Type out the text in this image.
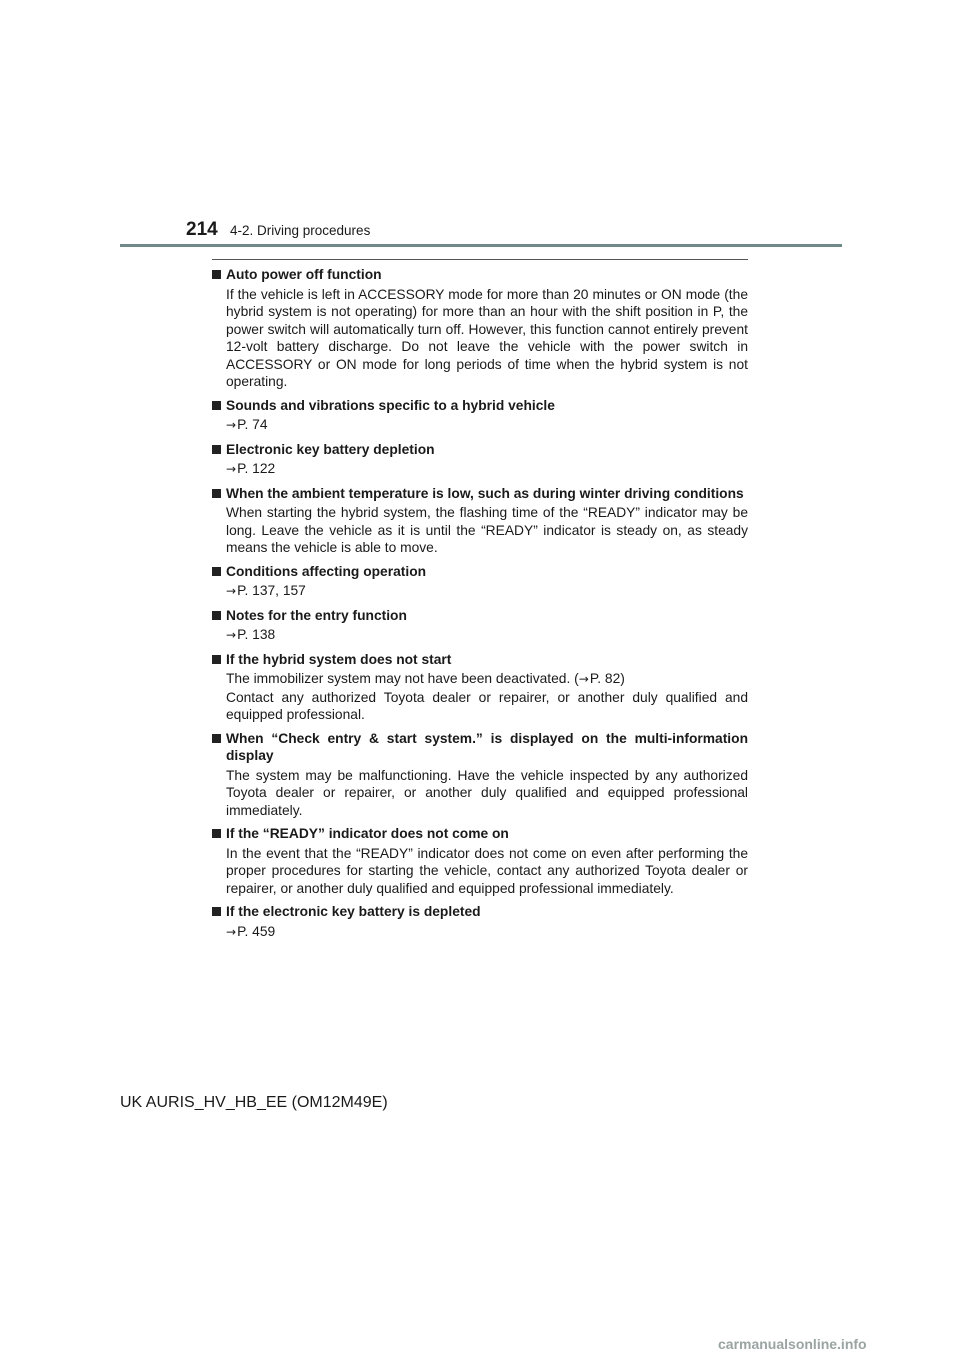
214 4-2. Driving procedures
Auto power off function
If the vehicle is left in ACCESSORY mode for more than 20 minutes or ON mode (the hybrid system is not operating) for more than an hour with the shift position in P, the power switch will automatically turn off. However, this function cannot entirely prevent 12-volt battery discharge. Do not leave the vehicle with the power switch in ACCESSORY or ON mode for long periods of time when the hybrid system is not operating.
Sounds and vibrations specific to a hybrid vehicle
→P. 74
Electronic key battery depletion
→P. 122
When the ambient temperature is low, such as during winter driving conditions
When starting the hybrid system, the flashing time of the “READY” indicator may be long. Leave the vehicle as it is until the “READY” indicator is steady on, as steady means the vehicle is able to move.
Conditions affecting operation
→P. 137, 157
Notes for the entry function
→P. 138
If the hybrid system does not start
The immobilizer system may not have been deactivated. (→P. 82)
Contact any authorized Toyota dealer or repairer, or another duly qualified and equipped professional.
When “Check entry & start system.” is displayed on the multi-information display
The system may be malfunctioning. Have the vehicle inspected by any authorized Toyota dealer or repairer, or another duly qualified and equipped professional immediately.
If the “READY” indicator does not come on
In the event that the “READY” indicator does not come on even after performing the proper procedures for starting the vehicle, contact any authorized Toyota dealer or repairer, or another duly qualified and equipped professional immediately.
If the electronic key battery is depleted
→P. 459
UK AURIS_HV_HB_EE (OM12M49E)
carmanualsonline.info
